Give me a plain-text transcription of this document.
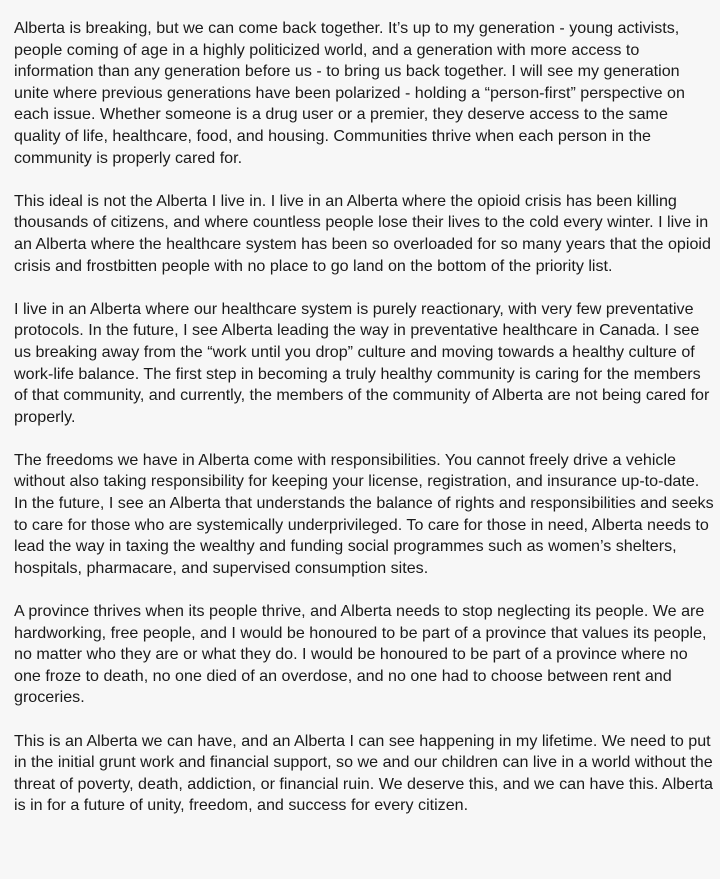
Alberta is breaking, but we can come back together. It’s up to my generation - young activists, people coming of age in a highly politicized world, and a generation with more access to information than any generation before us - to bring us back together. I will see my generation unite where previous generations have been polarized - holding a “person-first” perspective on each issue. Whether someone is a drug user or a premier, they deserve access to the same quality of life, healthcare, food, and housing. Communities thrive when each person in the community is properly cared for.

This ideal is not the Alberta I live in. I live in an Alberta where the opioid crisis has been killing thousands of citizens, and where countless people lose their lives to the cold every winter. I live in an Alberta where the healthcare system has been so overloaded for so many years that the opioid crisis and frostbitten people with no place to go land on the bottom of the priority list.

I live in an Alberta where our healthcare system is purely reactionary, with very few preventative protocols. In the future, I see Alberta leading the way in preventative healthcare in Canada. I see us breaking away from the “work until you drop” culture and moving towards a healthy culture of work-life balance. The first step in becoming a truly healthy community is caring for the members of that community, and currently, the members of the community of Alberta are not being cared for properly.

The freedoms we have in Alberta come with responsibilities. You cannot freely drive a vehicle without also taking responsibility for keeping your license, registration, and insurance up-to-date. In the future, I see an Alberta that understands the balance of rights and responsibilities and seeks to care for those who are systemically underprivileged. To care for those in need, Alberta needs to lead the way in taxing the wealthy and funding social programmes such as women’s shelters, hospitals, pharmacare, and supervised consumption sites.

A province thrives when its people thrive, and Alberta needs to stop neglecting its people. We are hardworking, free people, and I would be honoured to be part of a province that values its people, no matter who they are or what they do. I would be honoured to be part of a province where no one froze to death, no one died of an overdose, and no one had to choose between rent and groceries.

This is an Alberta we can have, and an Alberta I can see happening in my lifetime. We need to put in the initial grunt work and financial support, so we and our children can live in a world without the threat of poverty, death, addiction, or financial ruin. We deserve this, and we can have this. Alberta is in for a future of unity, freedom, and success for every citizen.
